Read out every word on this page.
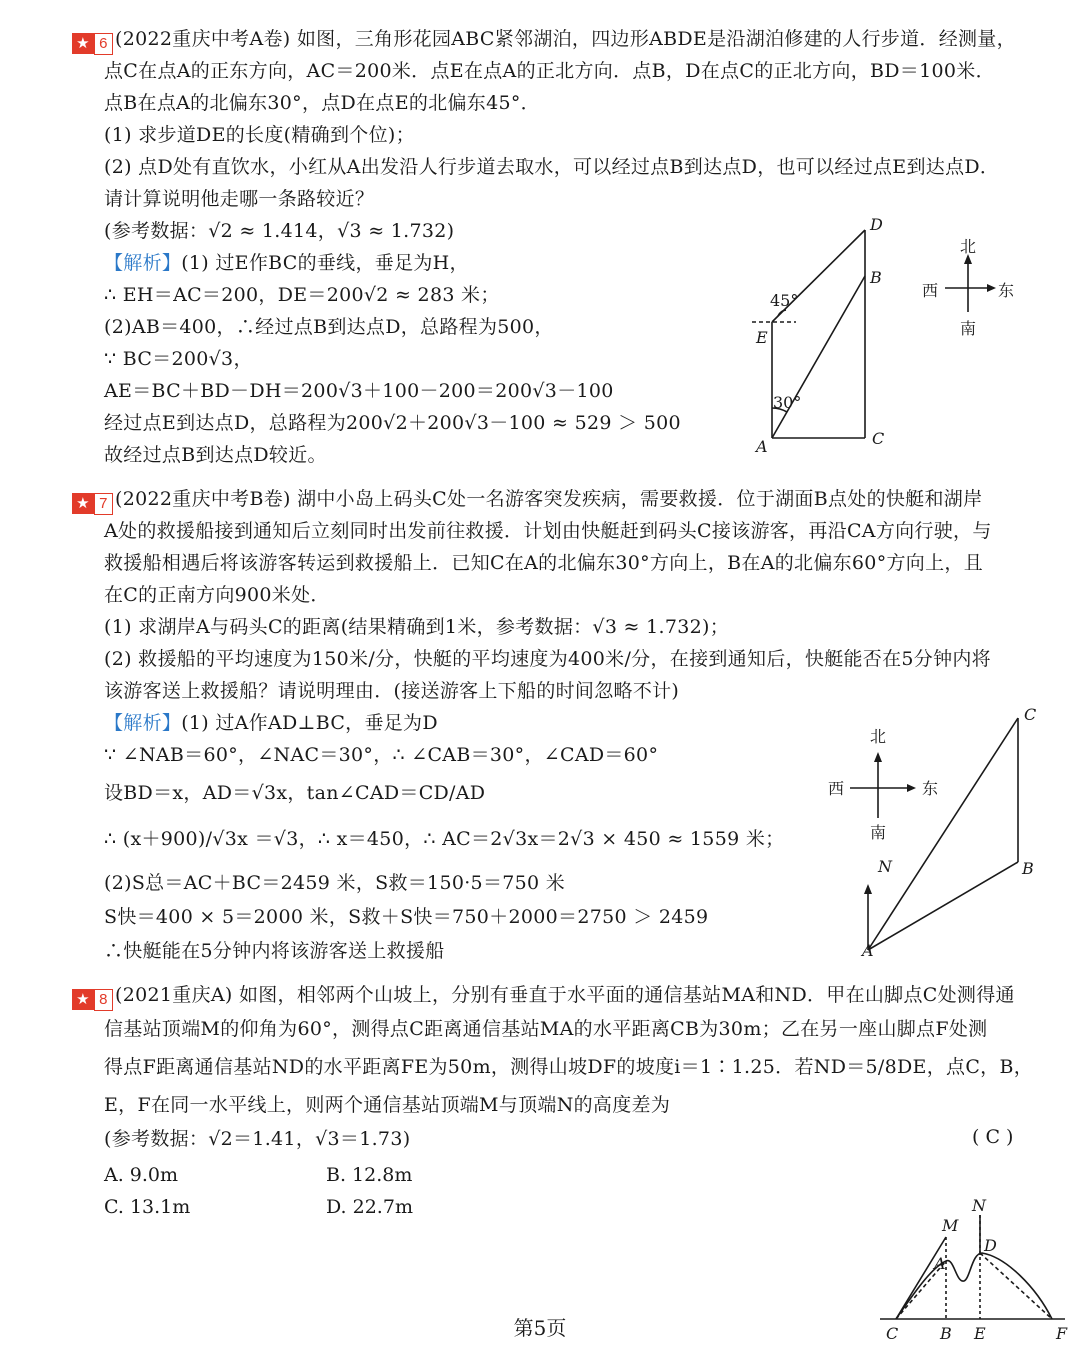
★ 6 (2022重庆中考A卷) 如图，三角形花园ABC紧邻湖泊，四边形ABDE是沿湖泊修建的人行步道．经测量，
点C在点A的正东方向，AC＝200米．点E在点A的正北方向．点B，D在点C的正北方向，BD＝100米．
点B在点A的北偏东30°，点D在点E的北偏东45°．
(1) 求步道DE的长度(精确到个位)；
(2) 点D处有直饮水，小红从A出发沿人行步道去取水，可以经过点B到达点D，也可以经过点E到达点D．
请计算说明他走哪一条路较近？
(参考数据：√2 ≈ 1.414，√3 ≈ 1.732)
【解析】(1) 过E作BC的垂线，垂足为H，
∴ EH＝AC＝200，DE＝200√2 ≈ 283 米；
(2)AB＝400，∴经过点B到达点D，总路程为500，
∵ BC＝200√3，
AE＝BC＋BD－DH＝200√3＋100－200＝200√3－100
经过点E到达点D，总路程为200√2＋200√3－100 ≈ 529 ＞ 500
故经过点B到达点D较近。
D
B
E
A	C
45°
30°
北
南
西	东
★ 7 (2022重庆中考B卷) 湖中小岛上码头C处一名游客突发疾病，需要救援．位于湖面B点处的快艇和湖岸
A处的救援船接到通知后立刻同时出发前往救援．计划由快艇赶到码头C接该游客，再沿CA方向行驶，与
救援船相遇后将该游客转运到救援船上．已知C在A的北偏东30°方向上，B在A的北偏东60°方向上，且
在C的正南方向900米处．
(1) 求湖岸A与码头C的距离(结果精确到1米，参考数据：√3 ≈ 1.732)；
(2) 救援船的平均速度为150米/分，快艇的平均速度为400米/分，在接到通知后，快艇能否在5分钟内将
该游客送上救援船？请说明理由．(接送游客上下船的时间忽略不计)
【解析】(1) 过A作AD⊥BC，垂足为D
∵ ∠NAB＝60°，∠NAC＝30°，∴ ∠CAB＝30°，∠CAD＝60°
设BD＝x，AD＝√3x，tan∠CAD＝CD/AD
∴ (x＋900)/√3x ＝√3，∴ x＝450，∴ AC＝2√3x＝2√3 × 450 ≈ 1559 米；
(2)S总＝AC＋BC＝2459 米，S救＝150·5＝750 米
S快＝400 × 5＝2000 米，S救＋S快＝750＋2000＝2750 ＞ 2459
∴快艇能在5分钟内将该游客送上救援船
C
N	B
A
北
南
西	东
★ 8 (2021重庆A) 如图，相邻两个山坡上，分别有垂直于水平面的通信基站MA和ND．甲在山脚点C处测得通
信基站顶端M的仰角为60°，测得点C距离通信基站MA的水平距离CB为30m；乙在另一座山脚点F处测
得点F距离通信基站ND的水平距离FE为50m，测得山坡DF的坡度i＝1∶1.25．若ND＝5/8DE，点C，B，
E，F在同一水平线上，则两个通信基站顶端M与顶端N的高度差为
(参考数据：√2＝1.41，√3＝1.73)	( C )
A. 9.0m	B. 12.8m
C. 13.1m	D. 22.7m	N
M
D
A
C	B E	F
第5页
